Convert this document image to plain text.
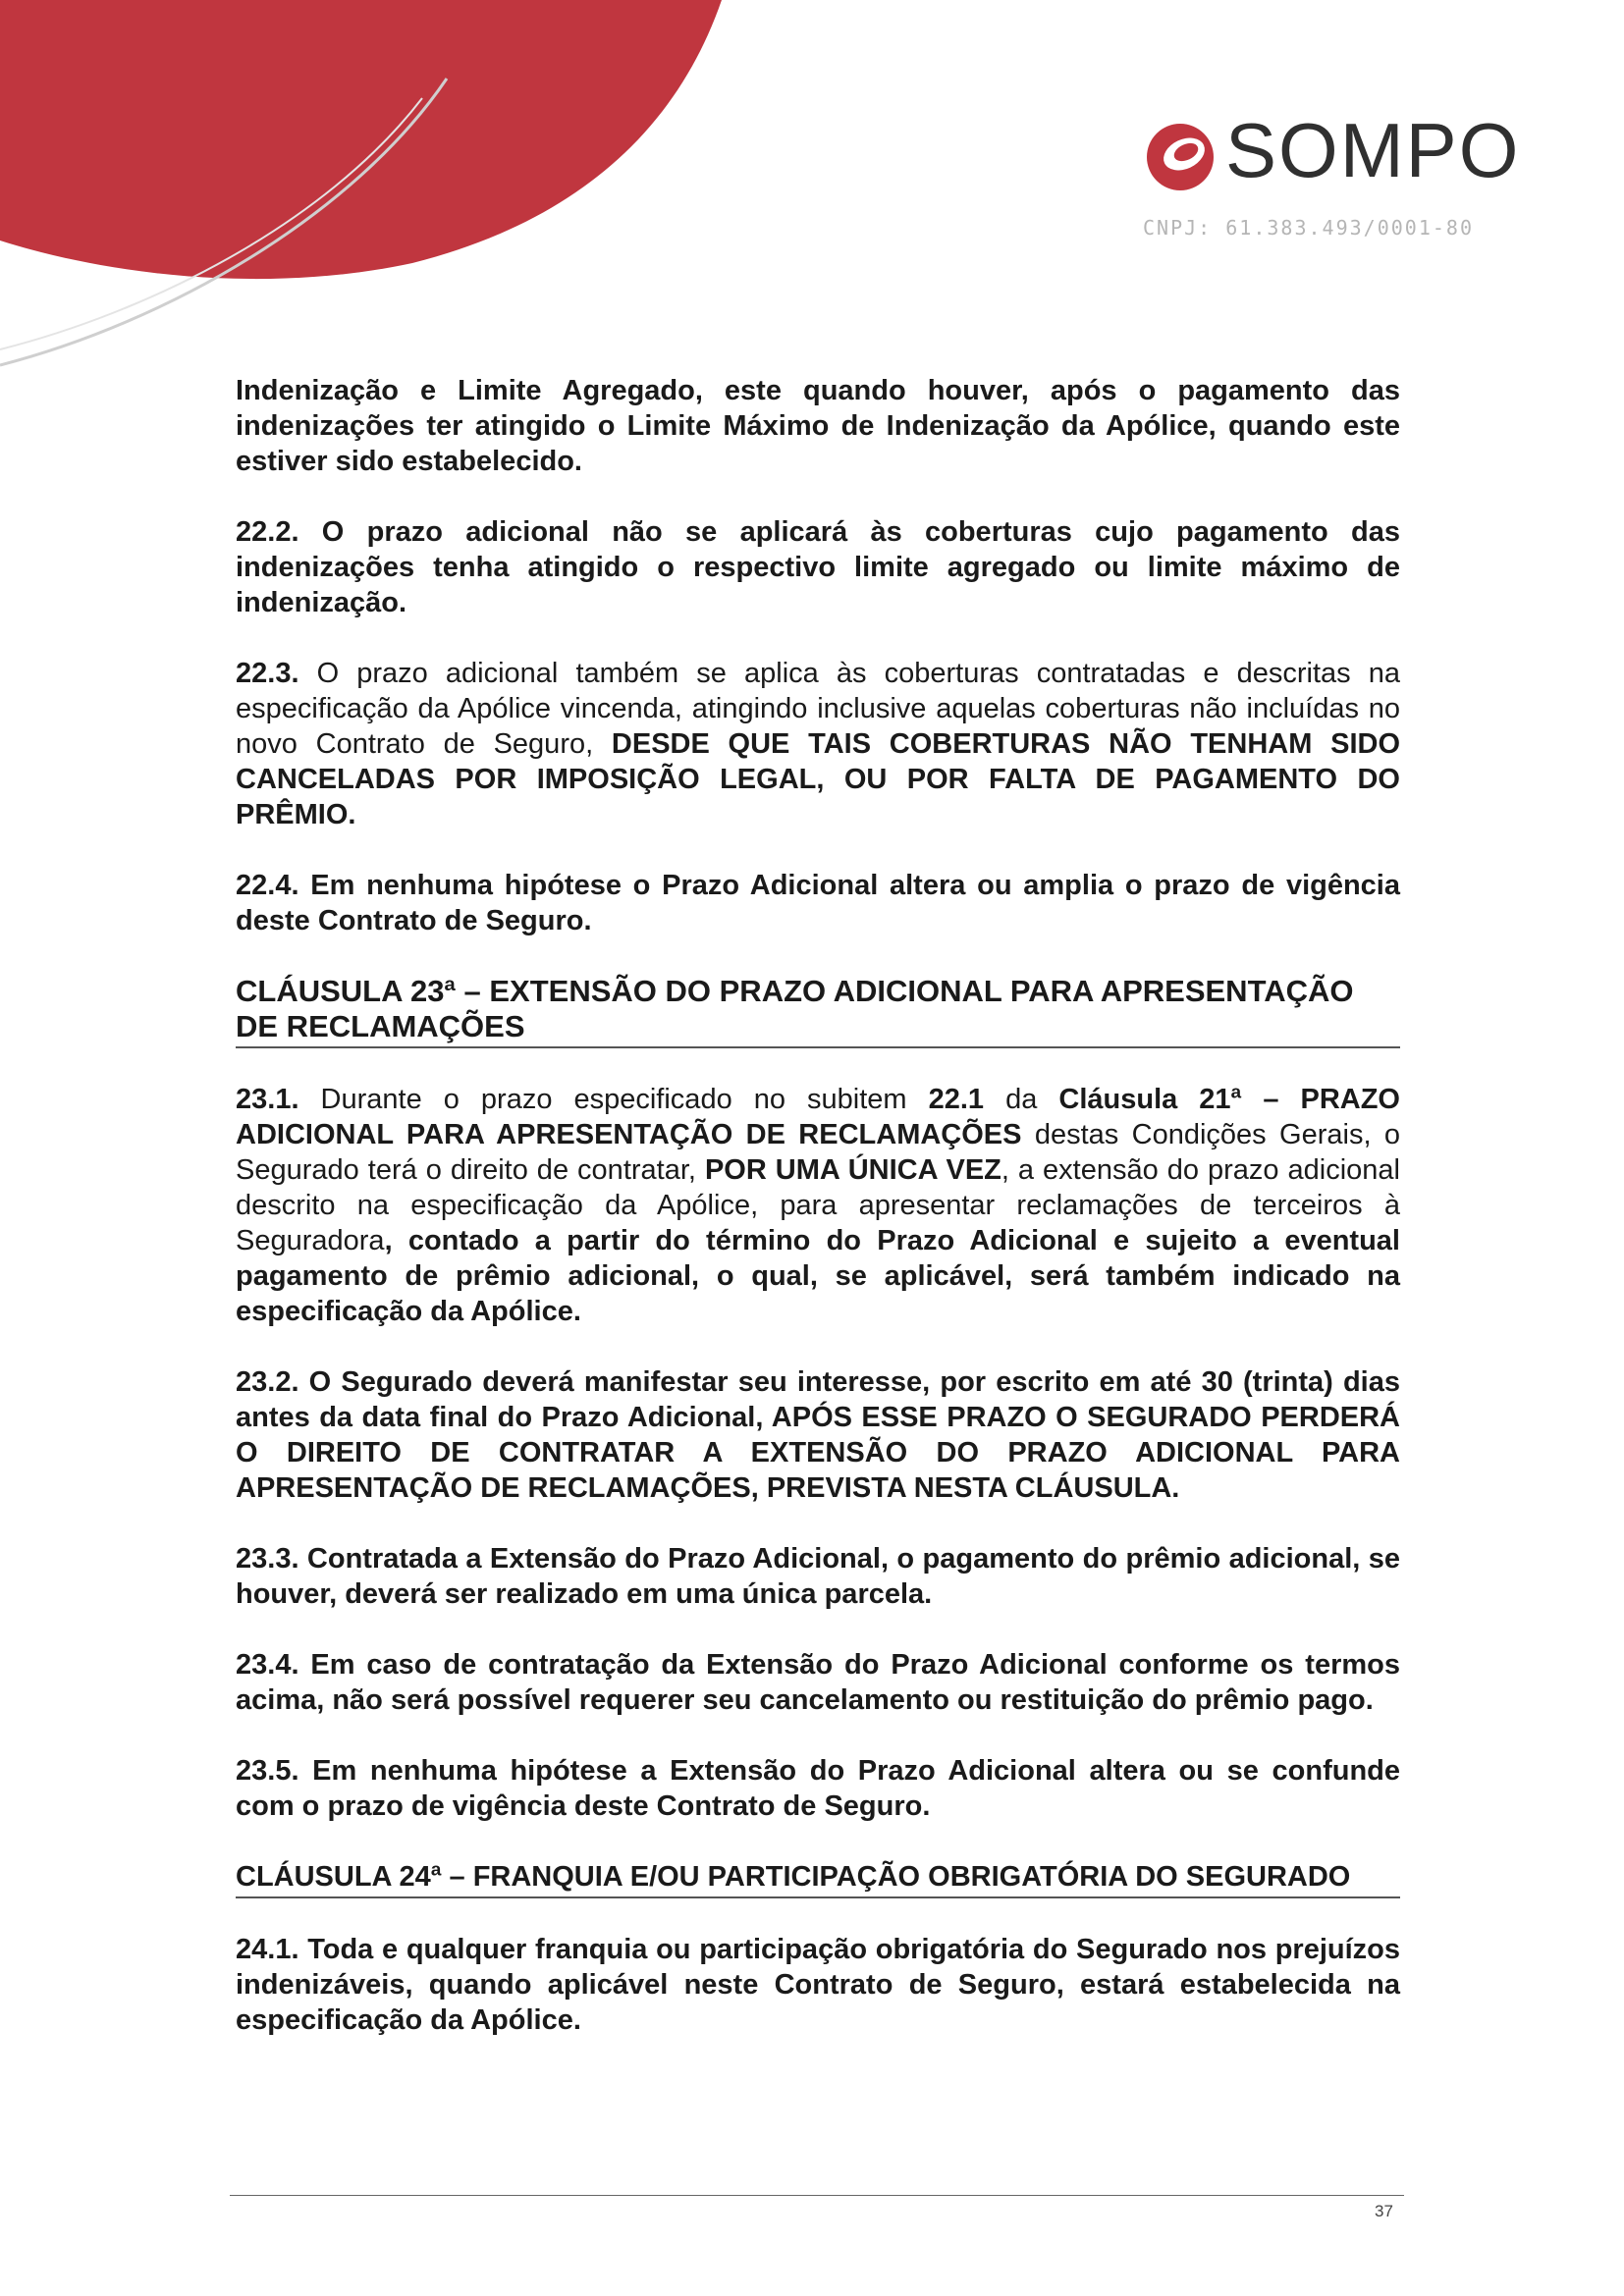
SOMPO
CNPJ: 61.383.493/0001-80

Indenização e Limite Agregado, este quando houver, após o pagamento das indenizações ter atingido o Limite Máximo de Indenização da Apólice, quando este estiver sido estabelecido.

22.2. O prazo adicional não se aplicará às coberturas cujo pagamento das indenizações tenha atingido o respectivo limite agregado ou limite máximo de indenização.

22.3. O prazo adicional também se aplica às coberturas contratadas e descritas na especificação da Apólice vincenda, atingindo inclusive aquelas coberturas não incluídas no novo Contrato de Seguro, DESDE QUE TAIS COBERTURAS NÃO TENHAM SIDO CANCELADAS POR IMPOSIÇÃO LEGAL, OU POR FALTA DE PAGAMENTO DO PRÊMIO.

22.4. Em nenhuma hipótese o Prazo Adicional altera ou amplia o prazo de vigência deste Contrato de Seguro.

CLÁUSULA 23ª – EXTENSÃO DO PRAZO ADICIONAL PARA APRESENTAÇÃO DE RECLAMAÇÕES

23.1. Durante o prazo especificado no subitem 22.1 da Cláusula 21ª – PRAZO ADICIONAL PARA APRESENTAÇÃO DE RECLAMAÇÕES destas Condições Gerais, o Segurado terá o direito de contratar, POR UMA ÚNICA VEZ, a extensão do prazo adicional descrito na especificação da Apólice, para apresentar reclamações de terceiros à Seguradora, contado a partir do término do Prazo Adicional e sujeito a eventual pagamento de prêmio adicional, o qual, se aplicável, será também indicado na especificação da Apólice.

23.2. O Segurado deverá manifestar seu interesse, por escrito em até 30 (trinta) dias antes da data final do Prazo Adicional, APÓS ESSE PRAZO O SEGURADO PERDERÁ O DIREITO DE CONTRATAR A EXTENSÃO DO PRAZO ADICIONAL PARA APRESENTAÇÃO DE RECLAMAÇÕES, PREVISTA NESTA CLÁUSULA.

23.3. Contratada a Extensão do Prazo Adicional, o pagamento do prêmio adicional, se houver, deverá ser realizado em uma única parcela.

23.4. Em caso de contratação da Extensão do Prazo Adicional conforme os termos acima, não será possível requerer seu cancelamento ou restituição do prêmio pago.

23.5. Em nenhuma hipótese a Extensão do Prazo Adicional altera ou se confunde com o prazo de vigência deste Contrato de Seguro.

CLÁUSULA 24ª – FRANQUIA E/OU PARTICIPAÇÃO OBRIGATÓRIA DO SEGURADO

24.1. Toda e qualquer franquia ou participação obrigatória do Segurado nos prejuízos indenizáveis, quando aplicável neste Contrato de Seguro, estará estabelecida na especificação da Apólice.

37
